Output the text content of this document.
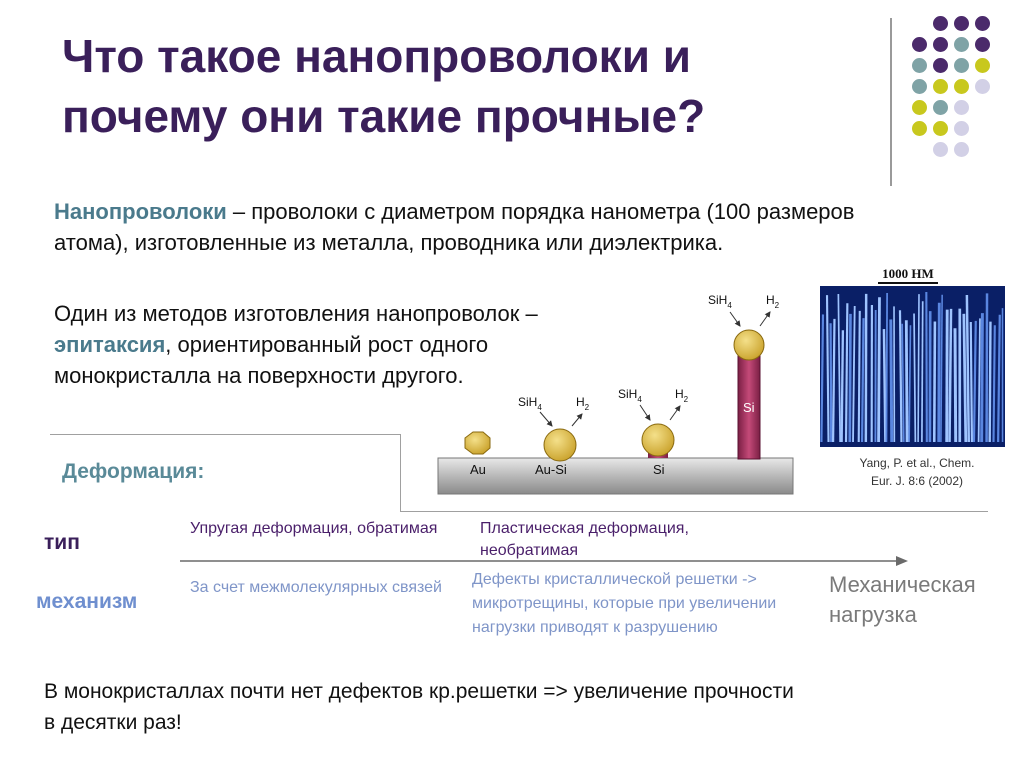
Что такое нанопроволоки и почему они такие прочные?
Нанопроволоки – проволоки с диаметром порядка нанометра (100 размеров атома), изготовленные из металла, проводника или диэлектрика.
Один из методов изготовления нанопроволок – эпитаксия, ориентированный рост одного монокристалла на поверхности другого.
Au	Au-Si	Si
Si
SiH$_4$	$H_2$
SiH$_4$	$H_2$
SiH$_4$	$H_2$
1000 НМ
Yang, P. et al., Chem.
Eur. J. 8:6 (2002)
Деформация:
тип
механизм
Упругая деформация, обратимая	Пластическая деформация, необратимая
За счет межмолекулярных связей	Дефекты кристаллической решетки -> микротрещины, которые при увеличении нагрузки приводят к разрушению
Механическая нагрузка
В монокристаллах почти нет дефектов кр.решетки => увеличение прочности в десятки раз!
